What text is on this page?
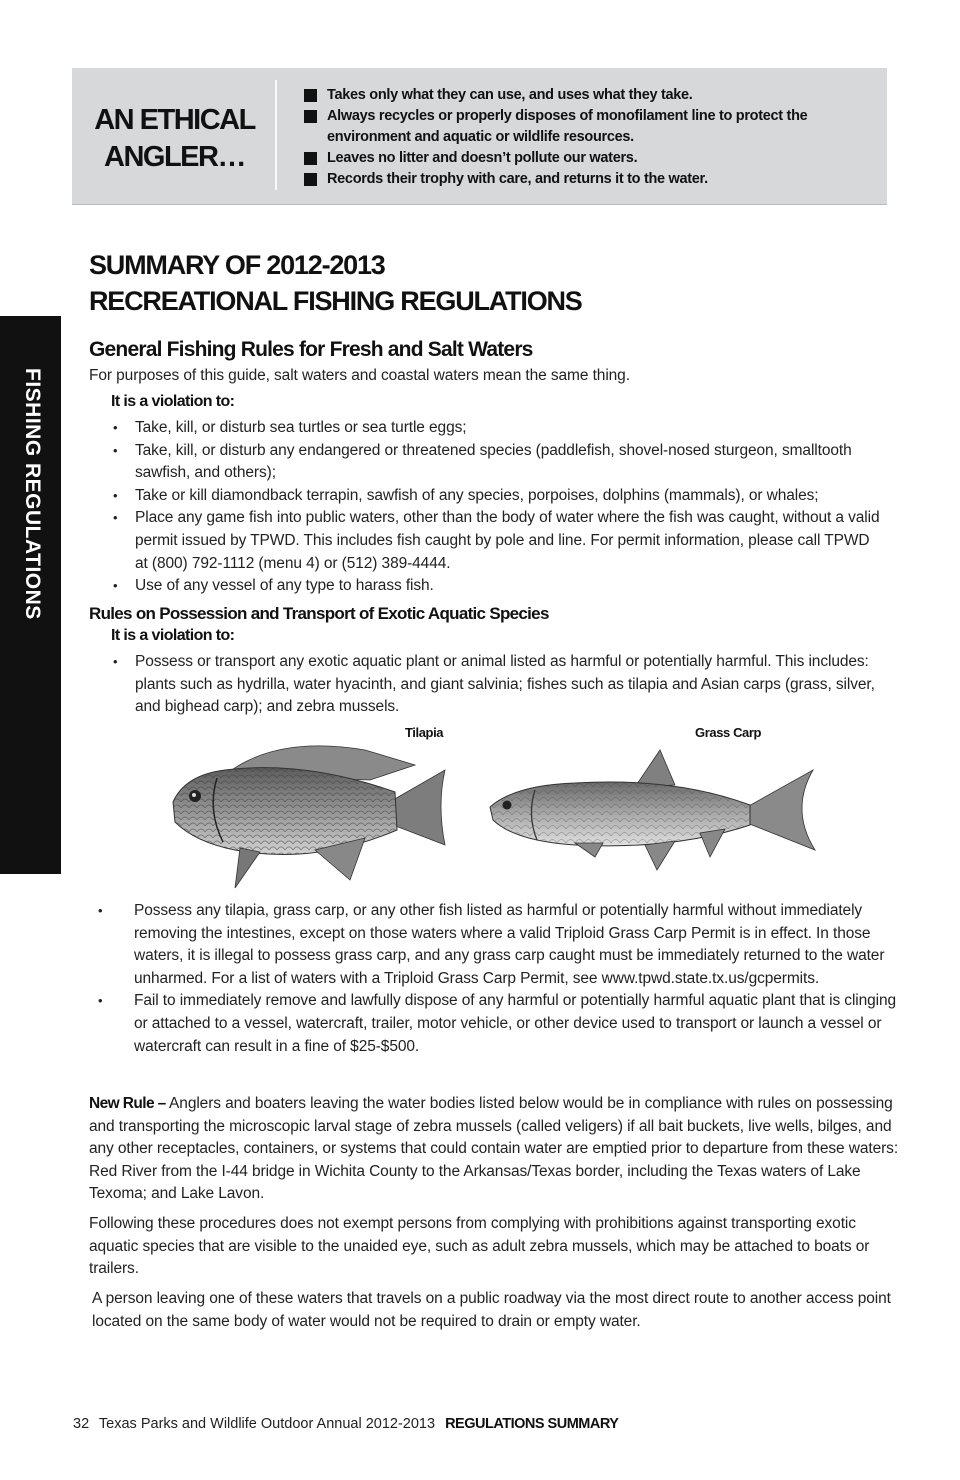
AN ETHICAL
ANGLER…
Takes only what they can use, and uses what they take.
Always recycles or properly disposes of monofilament line to protect the environment and aquatic or wildlife resources.
Leaves no litter and doesn’t pollute our waters.
Records their trophy with care, and returns it to the water.
FISHING REGULATIONS
SUMMARY OF 2012-2013
RECREATIONAL FISHING REGULATIONS
General Fishing Rules for Fresh and Salt Waters
For purposes of this guide, salt waters and coastal waters mean the same thing.
It is a violation to:
• Take, kill, or disturb sea turtles or sea turtle eggs;
• Take, kill, or disturb any endangered or threatened species (paddlefish, shovel-nosed sturgeon, smalltooth sawfish, and others);
• Take or kill diamondback terrapin, sawfish of any species, porpoises, dolphins (mammals), or whales;
• Place any game fish into public waters, other than the body of water where the fish was caught, without a valid permit issued by TPWD. This includes fish caught by pole and line. For permit information, please call TPWD at (800) 792-1112 (menu 4) or (512) 389-4444.
• Use of any vessel of any type to harass fish.
Rules on Possession and Transport of Exotic Aquatic Species
It is a violation to:
• Possess or transport any exotic aquatic plant or animal listed as harmful or potentially harmful. This includes: plants such as hydrilla, water hyacinth, and giant salvinia; fishes such as tilapia and Asian carps (grass, silver, and bighead carp); and zebra mussels.
Tilapia	Grass Carp
• Possess any tilapia, grass carp, or any other fish listed as harmful or potentially harmful without immediately removing the intestines, except on those waters where a valid Triploid Grass Carp Permit is in effect. In those waters, it is illegal to possess grass carp, and any grass carp caught must be immediately returned to the water unharmed. For a list of waters with a Triploid Grass Carp Permit, see www.tpwd.state.tx.us/gcpermits.
• Fail to immediately remove and lawfully dispose of any harmful or potentially harmful aquatic plant that is clinging or attached to a vessel, watercraft, trailer, motor vehicle, or other device used to transport or launch a vessel or watercraft can result in a fine of $25-$500.

New Rule – Anglers and boaters leaving the water bodies listed below would be in compliance with rules on possessing and transporting the microscopic larval stage of zebra mussels (called veligers) if all bait buckets, live wells, bilges, and any other receptacles, containers, or systems that could contain water are emptied prior to departure from these waters: Red River from the I-44 bridge in Wichita County to the Arkansas/Texas border, including the Texas waters of Lake Texoma; and Lake Lavon.

Following these procedures does not exempt persons from complying with prohibitions against transporting exotic aquatic species that are visible to the unaided eye, such as adult zebra mussels, which may be attached to boats or trailers.

A person leaving one of these waters that travels on a public roadway via the most direct route to another access point located on the same body of water would not be required to drain or empty water.

32 Texas Parks and Wildlife Outdoor Annual 2012-2013 REGULATIONS SUMMARY
